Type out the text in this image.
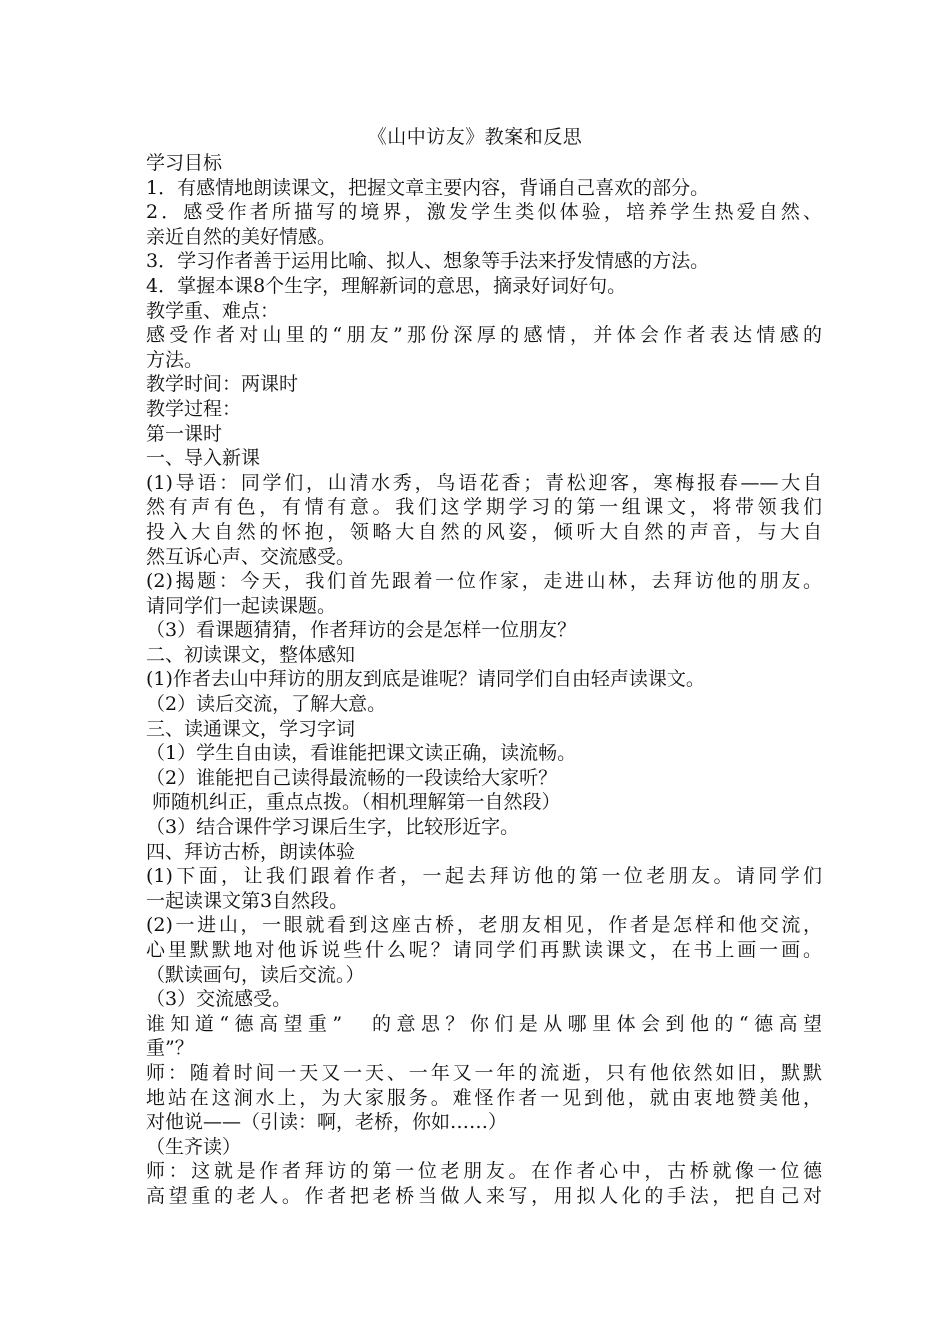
《山中访友》教案和反思
学习目标
1．有感情地朗读课文，把握文章主要内容，背诵自己喜欢的部分。
2．感受作者所描写的境界，激发学生类似体验，培养学生热爱自然、
亲近自然的美好情感。
3．学习作者善于运用比喻、拟人、想象等手法来抒发情感的方法。
4．掌握本课8个生字，理解新词的意思，摘录好词好句。
教学重、难点：
感受作者对山里的“朋友”那份深厚的感情，并体会作者表达情感的
方法。
教学时间：两课时
教学过程：
第一课时
一、导入新课
(1)导语：同学们，山清水秀，鸟语花香；青松迎客，寒梅报春——大自
然有声有色，有情有意。我们这学期学习的第一组课文，将带领我们
投入大自然的怀抱，领略大自然的风姿，倾听大自然的声音，与大自
然互诉心声、交流感受。
(2)揭题：今天，我们首先跟着一位作家，走进山林，去拜访他的朋友。
请同学们一起读课题。
（3）看课题猜猜，作者拜访的会是怎样一位朋友？
二、初读课文，整体感知
(1)作者去山中拜访的朋友到底是谁呢？请同学们自由轻声读课文。
（2）读后交流，了解大意。
三、读通课文，学习字词
（1）学生自由读，看谁能把课文读正确，读流畅。
（2）谁能把自己读得最流畅的一段读给大家听？
师随机纠正，重点点拨。（相机理解第一自然段）
（3）结合课件学习课后生字，比较形近字。
四、拜访古桥，朗读体验
(1)下面，让我们跟着作者，一起去拜访他的第一位老朋友。请同学们
一起读课文第3自然段。
(2)一进山，一眼就看到这座古桥，老朋友相见，作者是怎样和他交流，
心里默默地对他诉说些什么呢？请同学们再默读课文，在书上画一画。
（默读画句，读后交流。）
（3）交流感受。
谁知道“德高望重”　的意思？你们是从哪里体会到他的“德高望
重”？
师：随着时间一天又一天、一年又一年的流逝，只有他依然如旧，默默
地站在这涧水上，为大家服务。难怪作者一见到他，就由衷地赞美他，
对他说——（引读：啊，老桥，你如……）
（生齐读）
师：这就是作者拜访的第一位老朋友。在作者心中，古桥就像一位德
高望重的老人。作者把老桥当做人来写，用拟人化的手法，把自己对
